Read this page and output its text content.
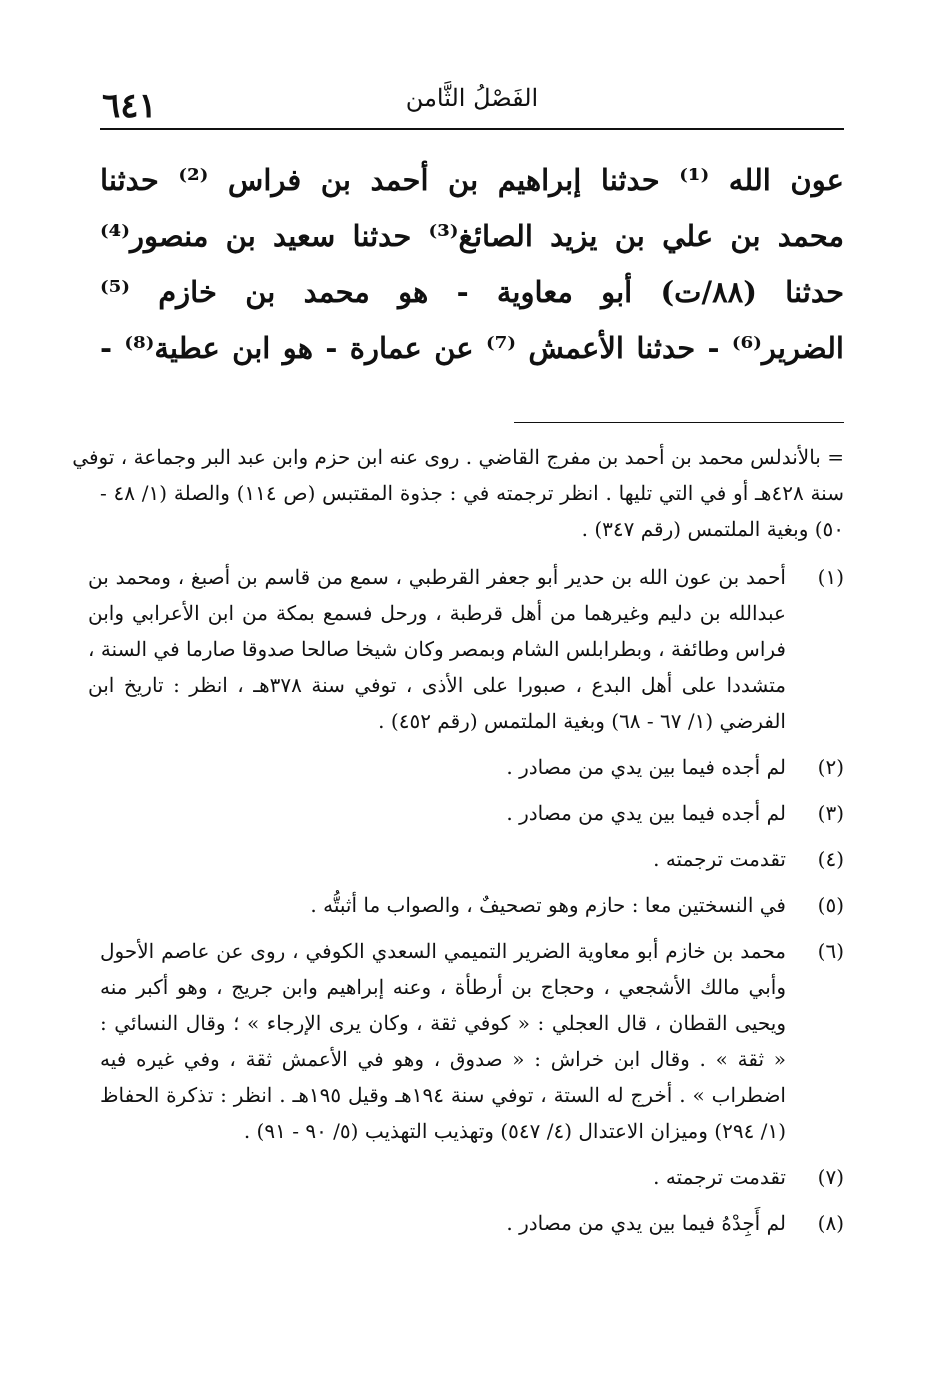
الفَصْلُ الثَّامن
٦٤١
عون الله ⁽¹⁾ حدثنا إبراهيم بن أحمد بن فراس ⁽²⁾ حدثنا
محمد بن علي بن يزيد الصائغ⁽³⁾ حدثنا سعيد بن منصور⁽⁴⁾
حدثنا (٨٨/ت) أبو معاوية - هو محمد بن خازم ⁽⁵⁾
الضرير⁽⁶⁾ - حدثنا الأعمش ⁽⁷⁾ عن عمارة - هو ابن عطية⁽⁸⁾ -
= بالأندلس محمد بن أحمد بن مفرج القاضي . روى عنه ابن حزم وابن عبد البر وجماعة ، توفي
سنة ٤٢٨هـ أو في التي تليها . انظر ترجمته في : جذوة المقتبس (ص ١١٤) والصلة (١/ ٤٨ -
٥٠) وبغية الملتمس (رقم ٣٤٧) .
(١)
أحمد بن عون الله بن حدير أبو جعفر القرطبي ، سمع من قاسم بن أصبغ ، ومحمد بن
عبدالله بن دليم وغيرهما من أهل قرطبة ، ورحل فسمع بمكة من ابن الأعرابي وابن
فراس وطائفة ، وبطرابلس الشام وبمصر وكان شيخا صالحا صدوقا صارما في السنة ،
متشددا على أهل البدع ، صبورا على الأذى ، توفي سنة ٣٧٨هـ ، انظر : تاريخ ابن
الفرضي (١/ ٦٧ - ٦٨) وبغية الملتمس (رقم ٤٥٢) .
(٢)
لم أجده فيما بين يدي من مصادر .
(٣)
لم أجده فيما بين يدي من مصادر .
(٤)
تقدمت ترجمته .
(٥)
في النسختين معا : حازم وهو تصحيفٌ ، والصواب ما أثبتُّه .
(٦)
محمد بن خازم أبو معاوية الضرير التميمي السعدي الكوفي ، روى عن عاصم الأحول
وأبي مالك الأشجعي ، وحجاج بن أرطأة ، وعنه إبراهيم وابن جريج ، وهو أكبر منه
ويحيى القطان ، قال العجلي : « كوفي ثقة ، وكان يرى الإرجاء » ؛ وقال النسائي :
« ثقة » . وقال ابن خراش : « صدوق ، وهو في الأعمش ثقة ، وفي غيره فيه
اضطراب » . أخرج له الستة ، توفي سنة ١٩٤هـ وقيل ١٩٥هـ . انظر : تذكرة الحفاظ
(١/ ٢٩٤) وميزان الاعتدال (٤/ ٥٤٧) وتهذيب التهذيب (٥/ ٩٠ - ٩١) .
(٧)
تقدمت ترجمته .
(٨)
لم أَجِدْهُ فيما بين يدي من مصادر .
